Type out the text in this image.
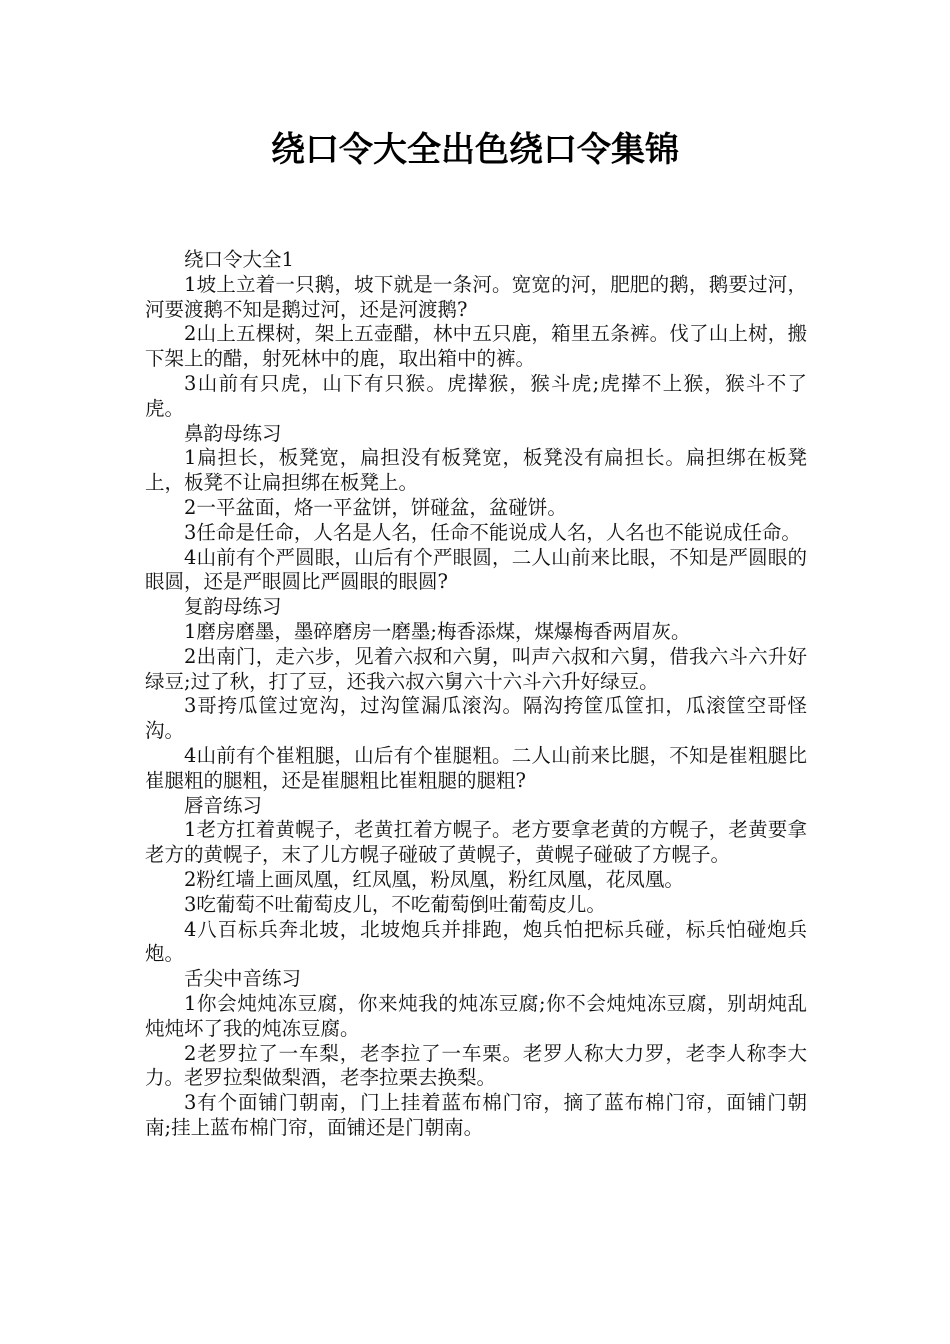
绕口令大全出色绕口令集锦

绕口令大全1

1坡上立着一只鹅，坡下就是一条河。宽宽的河，肥肥的鹅，鹅要过河，河要渡鹅不知是鹅过河，还是河渡鹅?

2山上五棵树，架上五壶醋，林中五只鹿，箱里五条裤。伐了山上树，搬下架上的醋，射死林中的鹿，取出箱中的裤。

3山前有只虎，山下有只猴。虎撵猴，猴斗虎;虎撵不上猴，猴斗不了虎。

鼻韵母练习

1扁担长，板凳宽，扁担没有板凳宽，板凳没有扁担长。扁担绑在板凳上，板凳不让扁担绑在板凳上。

2一平盆面，烙一平盆饼，饼碰盆，盆碰饼。

3任命是任命，人名是人名，任命不能说成人名，人名也不能说成任命。

4山前有个严圆眼，山后有个严眼圆，二人山前来比眼，不知是严圆眼的眼圆，还是严眼圆比严圆眼的眼圆?

复韵母练习

1磨房磨墨，墨碎磨房一磨墨;梅香添煤，煤爆梅香两眉灰。

2出南门，走六步，见着六叔和六舅，叫声六叔和六舅，借我六斗六升好绿豆;过了秋，打了豆，还我六叔六舅六十六斗六升好绿豆。

3哥挎瓜筐过宽沟，过沟筐漏瓜滚沟。隔沟挎筐瓜筐扣，瓜滚筐空哥怪沟。

4山前有个崔粗腿，山后有个崔腿粗。二人山前来比腿，不知是崔粗腿比崔腿粗的腿粗，还是崔腿粗比崔粗腿的腿粗?

唇音练习

1老方扛着黄幌子，老黄扛着方幌子。老方要拿老黄的方幌子，老黄要拿老方的黄幌子，末了儿方幌子碰破了黄幌子，黄幌子碰破了方幌子。

2粉红墙上画凤凰，红凤凰，粉凤凰，粉红凤凰，花凤凰。

3吃葡萄不吐葡萄皮儿，不吃葡萄倒吐葡萄皮儿。

4八百标兵奔北坡，北坡炮兵并排跑，炮兵怕把标兵碰，标兵怕碰炮兵炮。

舌尖中音练习

1你会炖炖冻豆腐，你来炖我的炖冻豆腐;你不会炖炖冻豆腐，别胡炖乱炖炖坏了我的炖冻豆腐。

2老罗拉了一车梨，老李拉了一车栗。老罗人称大力罗，老李人称李大力。老罗拉梨做梨酒，老李拉栗去换梨。

3有个面铺门朝南，门上挂着蓝布棉门帘，摘了蓝布棉门帘，面铺门朝南;挂上蓝布棉门帘，面铺还是门朝南。
